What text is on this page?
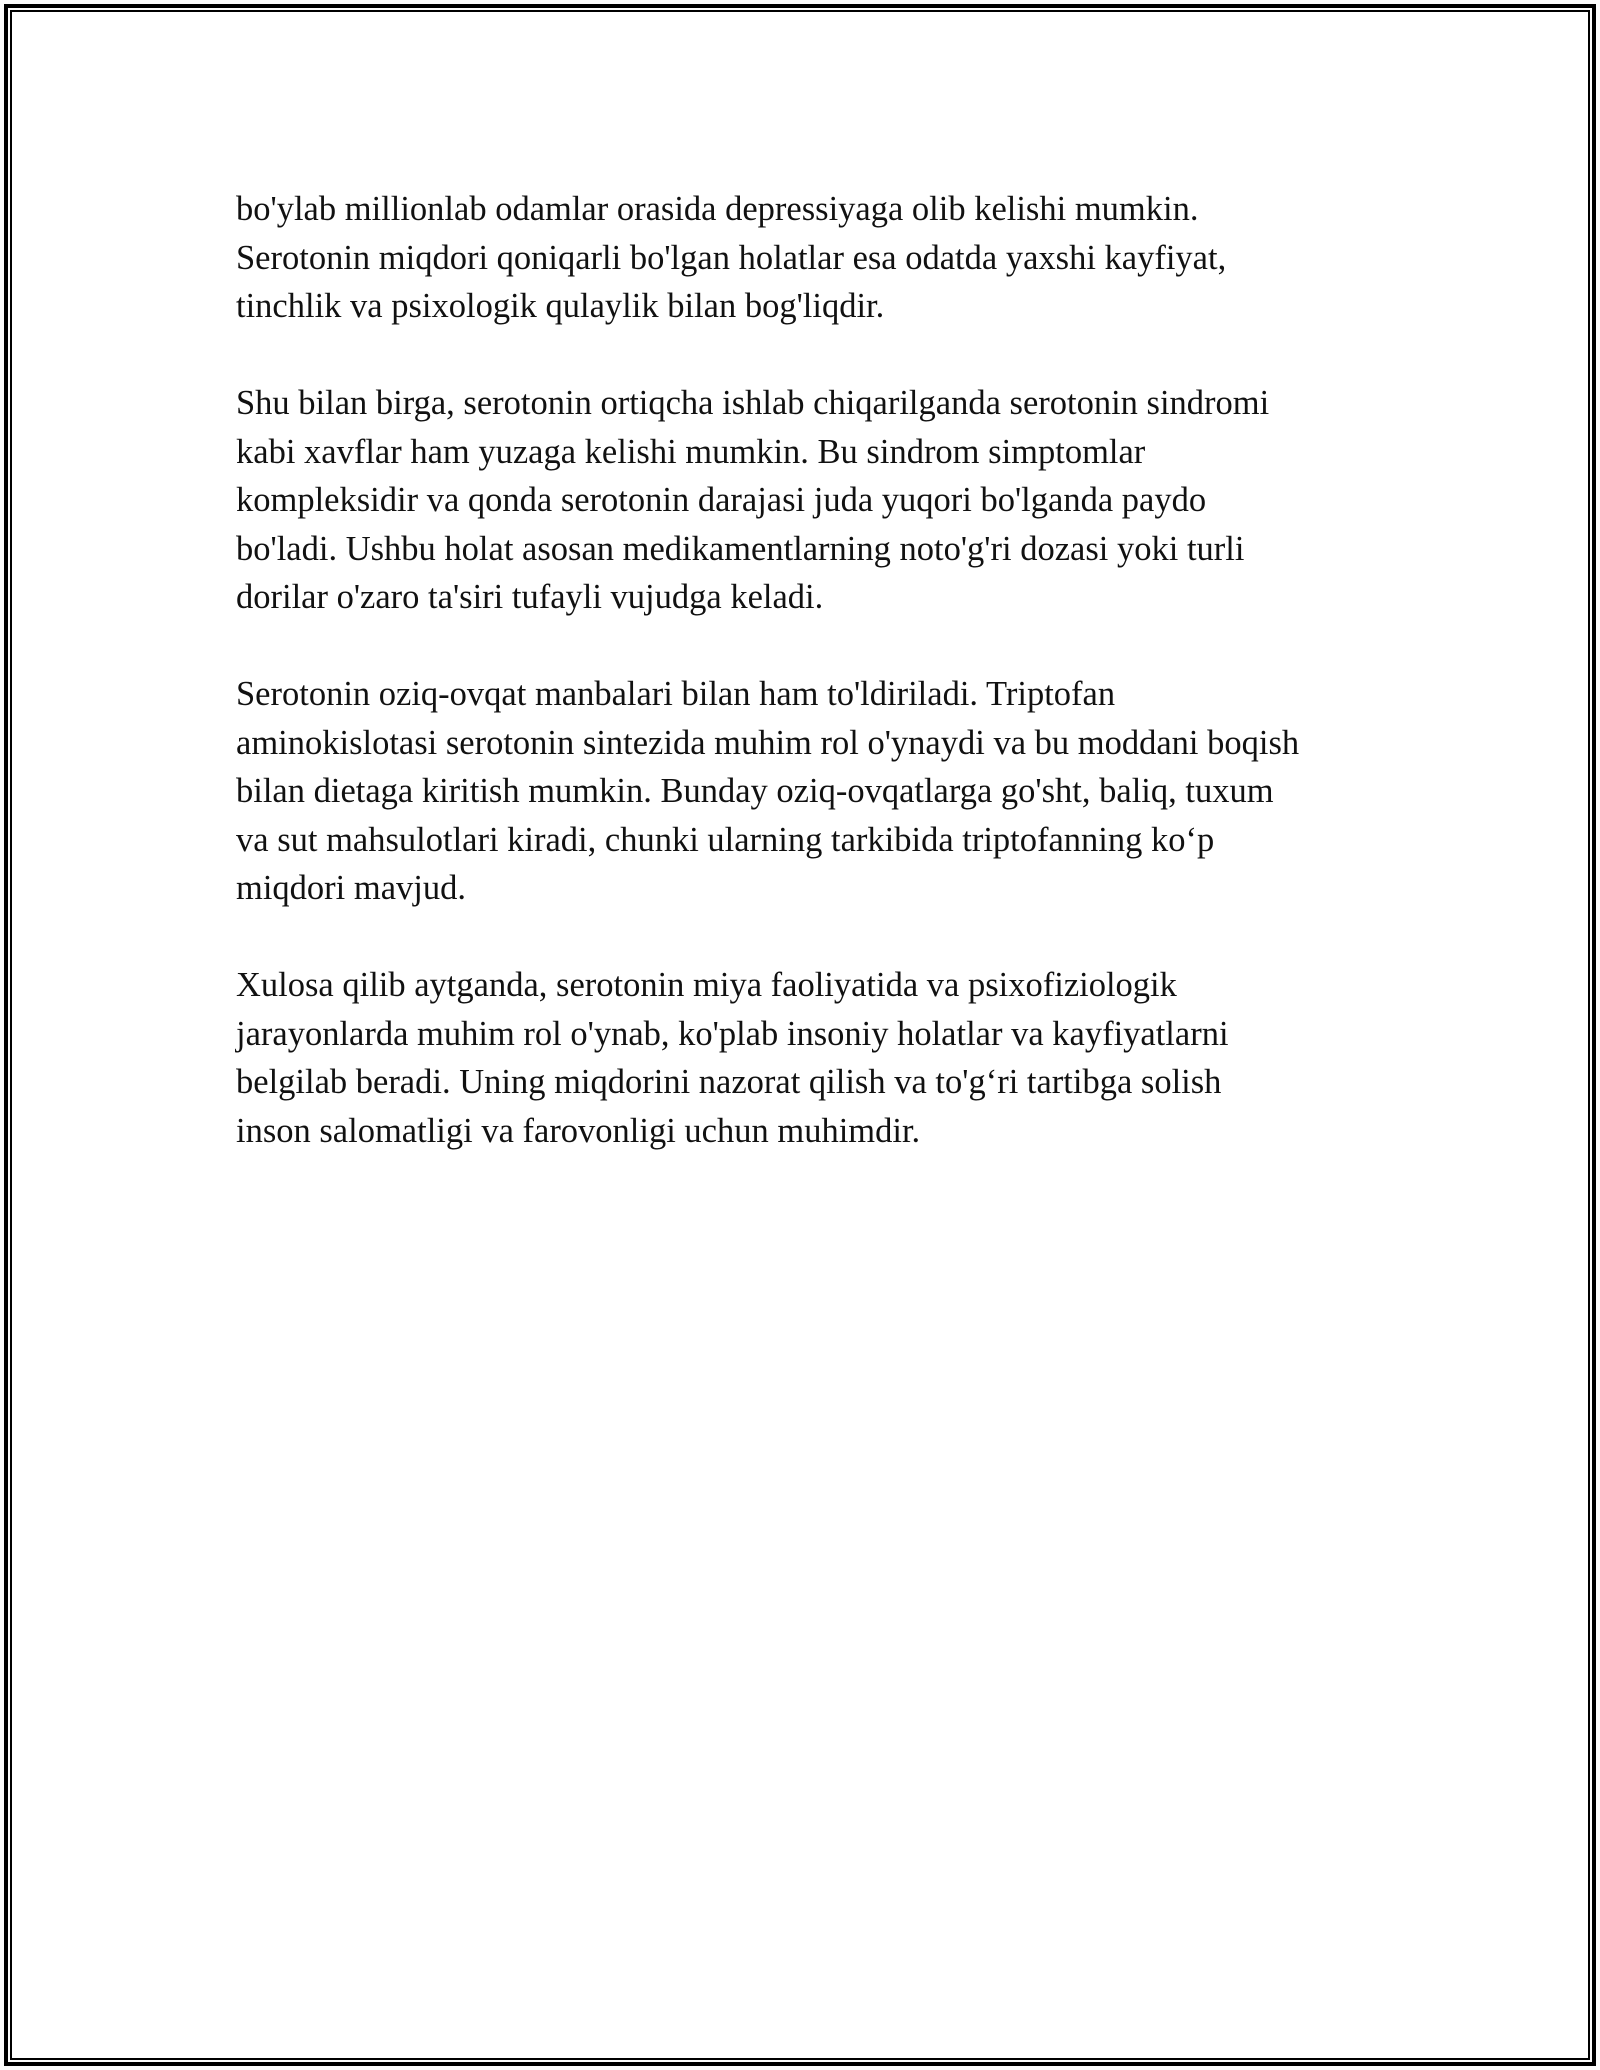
bo'ylab millionlab odamlar orasida depressiyaga olib kelishi mumkin.
Serotonin miqdori qoniqarli bo'lgan holatlar esa odatda yaxshi kayfiyat,
tinchlik va psixologik qulaylik bilan bog'liqdir.

Shu bilan birga, serotonin ortiqcha ishlab chiqarilganda serotonin sindromi
kabi xavflar ham yuzaga kelishi mumkin. Bu sindrom simptomlar
kompleksidir va qonda serotonin darajasi juda yuqori bo'lganda paydo
bo'ladi. Ushbu holat asosan medikamentlarning noto'g'ri dozasi yoki turli
dorilar o'zaro ta'siri tufayli vujudga keladi.

Serotonin oziq-ovqat manbalari bilan ham to'ldiriladi. Triptofan
aminokislotasi serotonin sintezida muhim rol o'ynaydi va bu moddani boqish
bilan dietaga kiritish mumkin. Bunday oziq-ovqatlarga go'sht, baliq, tuxum
va sut mahsulotlari kiradi, chunki ularning tarkibida triptofanning ko‘p
miqdori mavjud.

Xulosa qilib aytganda, serotonin miya faoliyatida va psixofiziologik
jarayonlarda muhim rol o'ynab, ko'plab insoniy holatlar va kayfiyatlarni
belgilab beradi. Uning miqdorini nazorat qilish va to'g‘ri tartibga solish
inson salomatligi va farovonligi uchun muhimdir.
